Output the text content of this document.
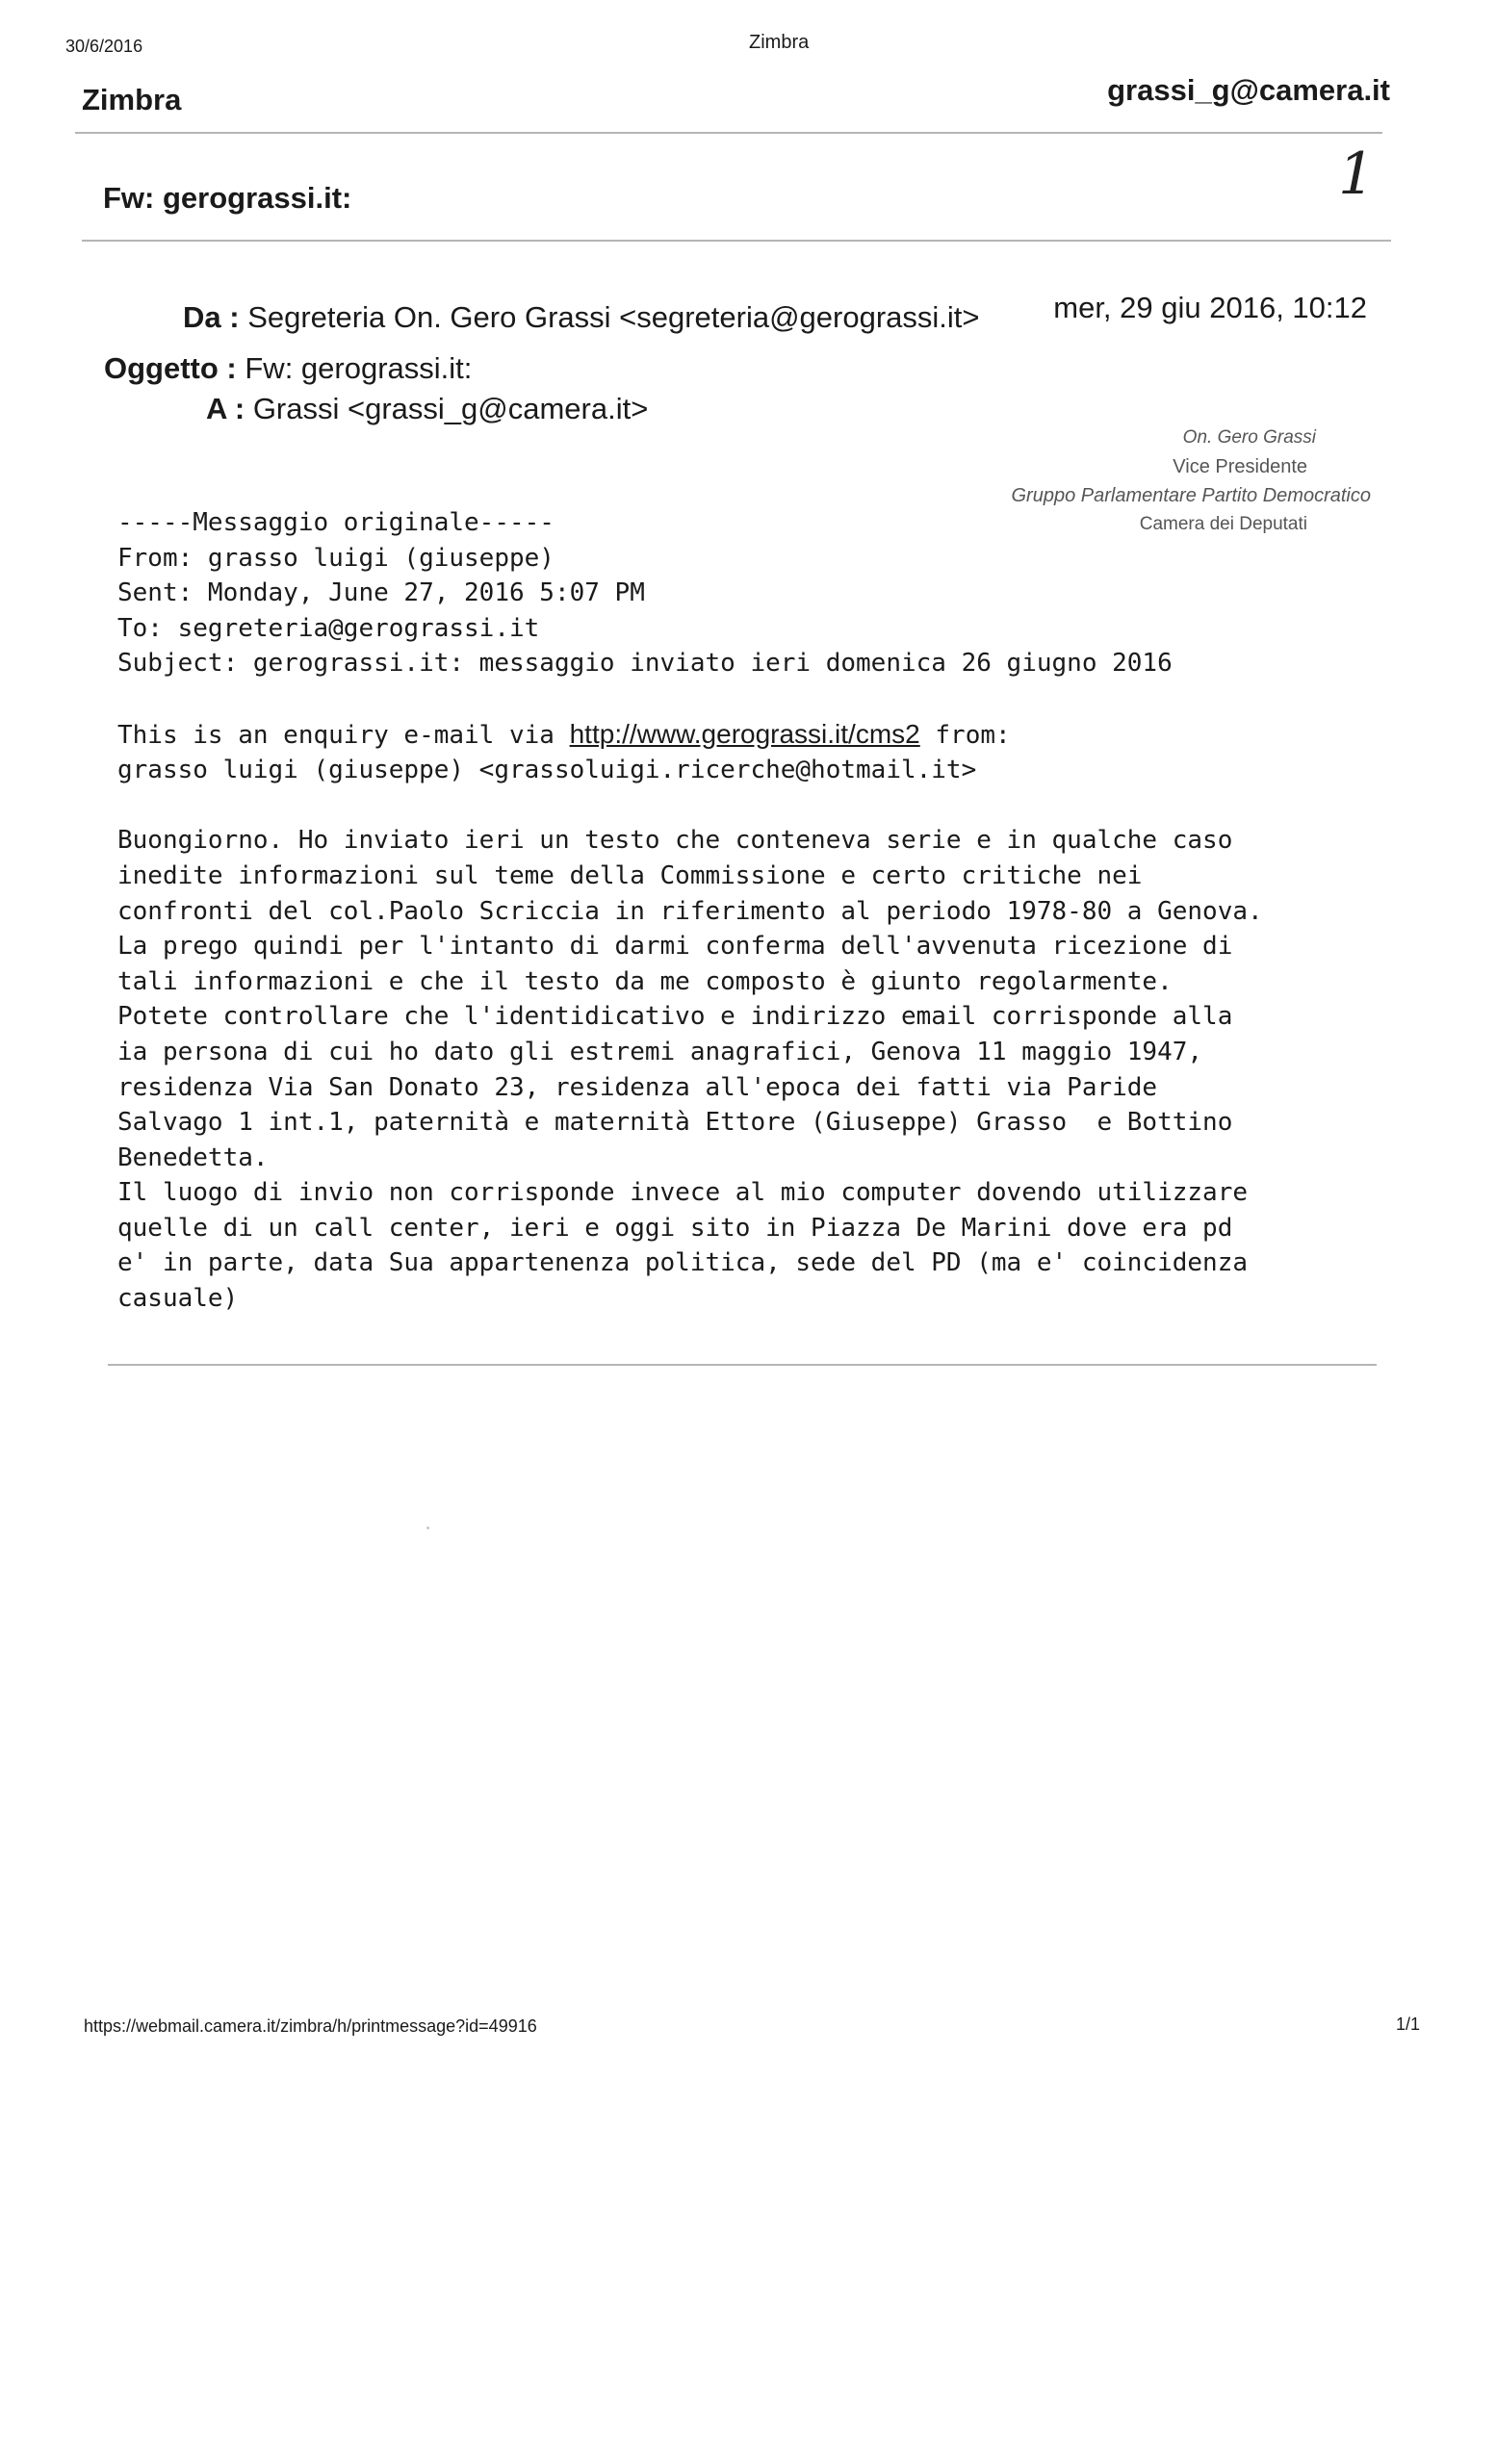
30/6/2016	Zimbra
Zimbra	grassi_g@camera.it
Fw: gerograssi.it:	1
Da : Segreteria On. Gero Grassi <segreteria@gerograssi.it> mer, 29 giu 2016, 10:12
Oggetto : Fw: gerograssi.it:
A : Grassi <grassi_g@camera.it>
On. Gero Grassi
Vice Presidente
Gruppo Parlamentare Partito Democratico
Camera dei Deputati
-----Messaggio originale-----
From: grasso luigi (giuseppe)
Sent: Monday, June 27, 2016 5:07 PM
To: segreteria@gerograssi.it
Subject: gerograssi.it: messaggio inviato ieri domenica 26 giugno 2016

This is an enquiry e-mail via http://www.gerograssi.it/cms2 from:
grasso luigi (giuseppe) <grassoluigi.ricerche@hotmail.it>

Buongiorno. Ho inviato ieri un testo che conteneva serie e in qualche caso
inedite informazioni sul teme della Commissione e certo critiche nei
confronti del col.Paolo Scriccia in riferimento al periodo 1978-80 a Genova.
La prego quindi per l'intanto di darmi conferma dell'avvenuta ricezione di
tali informazioni e che il testo da me composto è giunto regolarmente.
Potete controllare che l'identidicativo e indirizzo email corrisponde alla
ia persona di cui ho dato gli estremi anagrafici, Genova 11 maggio 1947,
residenza Via San Donato 23, residenza all'epoca dei fatti via Paride
Salvago 1 int.1, paternità e maternità Ettore (Giuseppe) Grasso  e Bottino
Benedetta.
Il luogo di invio non corrisponde invece al mio computer dovendo utilizzare
quelle di un call center, ieri e oggi sito in Piazza De Marini dove era pd
e' in parte, data Sua appartenenza politica, sede del PD (ma e' coincidenza
casuale)
https://webmail.camera.it/zimbra/h/printmessage?id=49916	1/1
